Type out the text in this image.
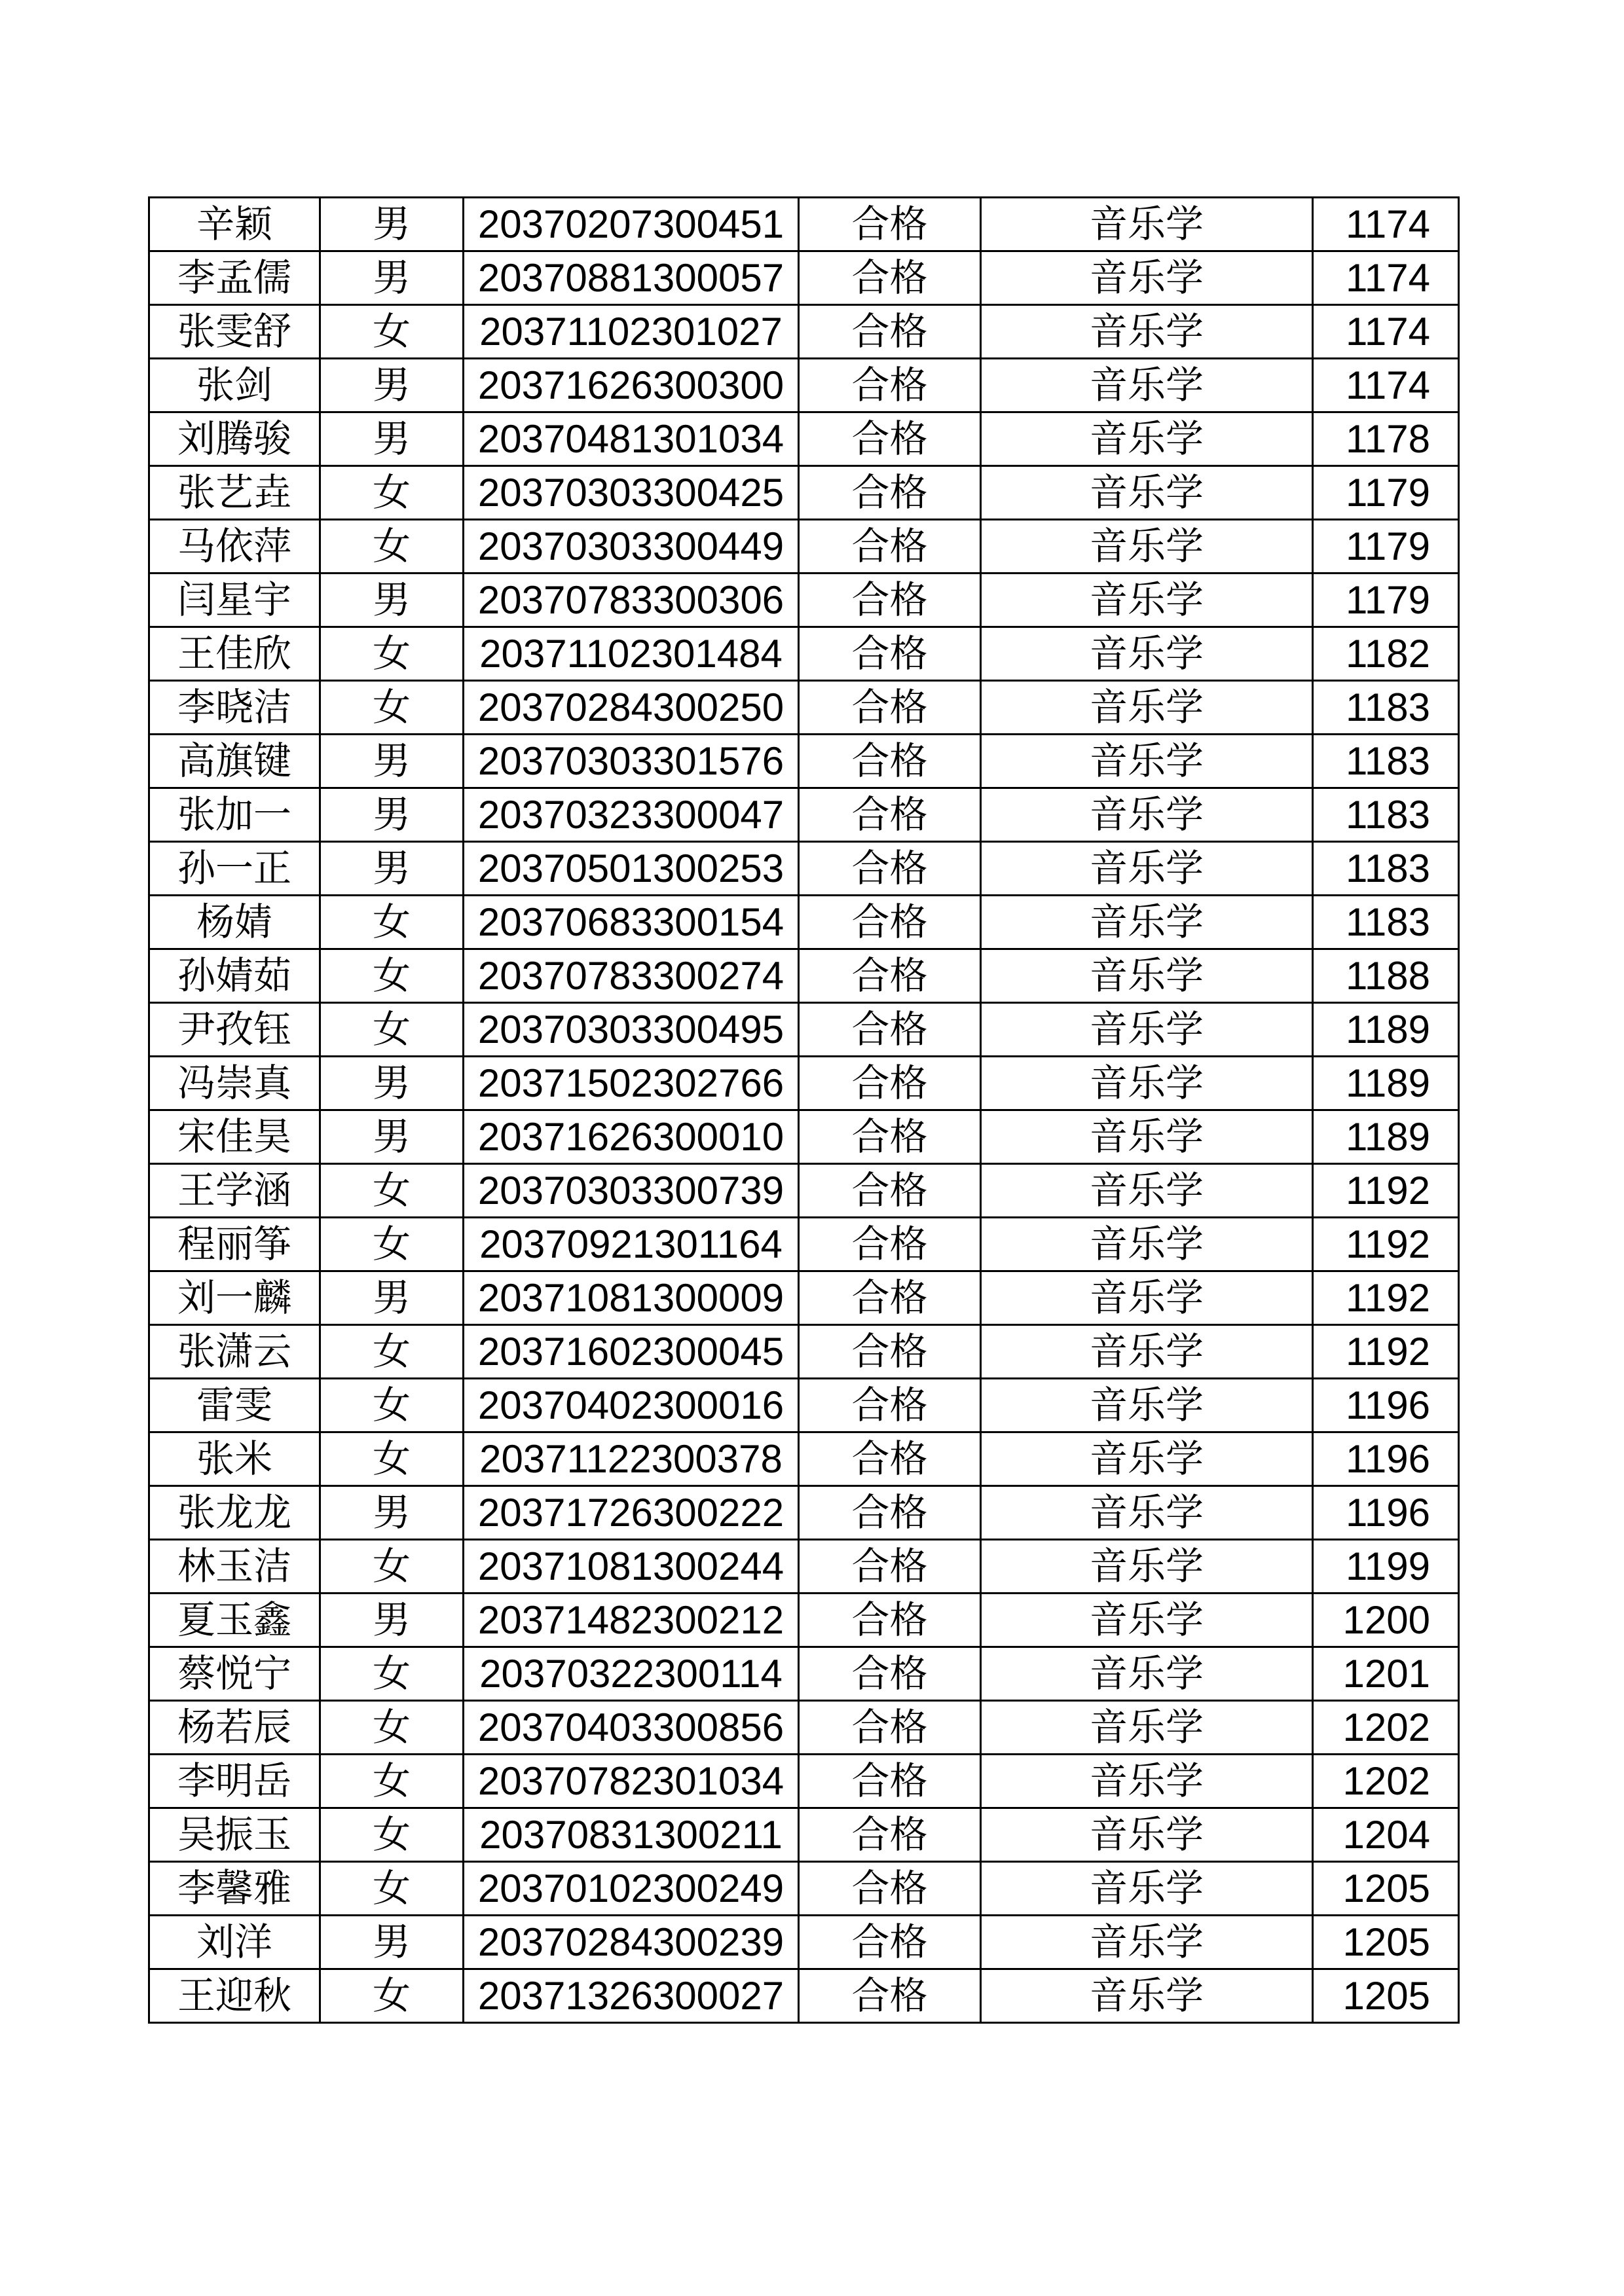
辛颖	男	20370207300451	合格	音乐学	1174
李孟儒	男	20370881300057	合格	音乐学	1174
张雯舒	女	20371102301027	合格	音乐学	1174
张剑	男	20371626300300	合格	音乐学	1174
刘腾骏	男	20370481301034	合格	音乐学	1178
张艺垚	女	20370303300425	合格	音乐学	1179
马依萍	女	20370303300449	合格	音乐学	1179
闫星宇	男	20370783300306	合格	音乐学	1179
王佳欣	女	20371102301484	合格	音乐学	1182
李晓洁	女	20370284300250	合格	音乐学	1183
高旗键	男	20370303301576	合格	音乐学	1183
张加一	男	20370323300047	合格	音乐学	1183
孙一正	男	20370501300253	合格	音乐学	1183
杨婧	女	20370683300154	合格	音乐学	1183
孙婧茹	女	20370783300274	合格	音乐学	1188
尹孜钰	女	20370303300495	合格	音乐学	1189
冯崇真	男	20371502302766	合格	音乐学	1189
宋佳昊	男	20371626300010	合格	音乐学	1189
王学涵	女	20370303300739	合格	音乐学	1192
程丽筝	女	20370921301164	合格	音乐学	1192
刘一麟	男	20371081300009	合格	音乐学	1192
张潇云	女	20371602300045	合格	音乐学	1192
雷雯	女	20370402300016	合格	音乐学	1196
张米	女	20371122300378	合格	音乐学	1196
张龙龙	男	20371726300222	合格	音乐学	1196
林玉洁	女	20371081300244	合格	音乐学	1199
夏玉鑫	男	20371482300212	合格	音乐学	1200
蔡悦宁	女	20370322300114	合格	音乐学	1201
杨若辰	女	20370403300856	合格	音乐学	1202
李明岳	女	20370782301034	合格	音乐学	1202
吴振玉	女	20370831300211	合格	音乐学	1204
李馨雅	女	20370102300249	合格	音乐学	1205
刘洋	男	20370284300239	合格	音乐学	1205
王迎秋	女	20371326300027	合格	音乐学	1205
